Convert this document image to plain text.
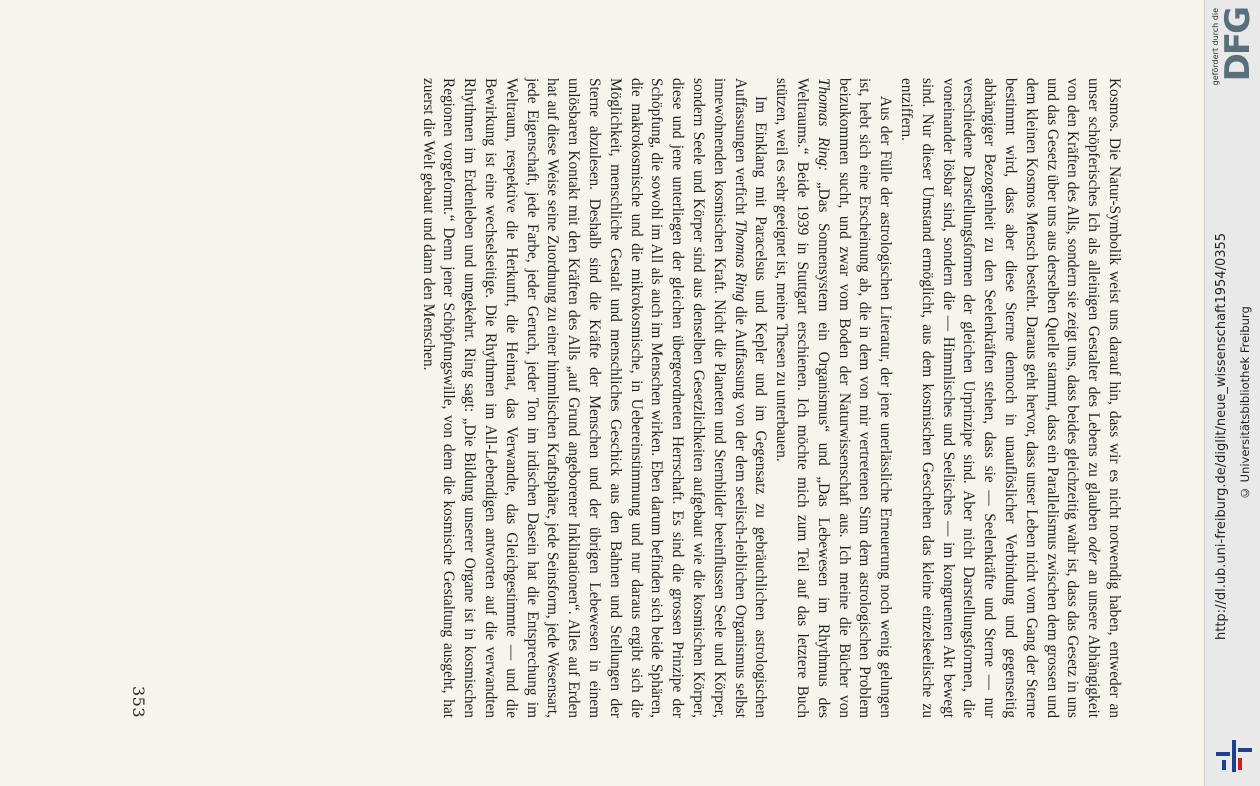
Kosmos. Die Natur-Symbolik weist uns darauf hin, dass wir es nicht notwendig haben, entweder an unser schöpferisches Ich als alleinigen Gestalter des Lebens zu glauben oder an unsere Abhängigkeit von den Kräften des Alls, sondern sie zeigt uns, dass beides gleichzeitig wahr ist, dass das Gesetz in uns und das Gesetz über uns aus derselben Quelle stammt, dass ein Parallelismus zwischen dem grossen und dem kleinen Kosmos Mensch besteht. Daraus geht hervor, dass unser Leben nicht vom Gang der Sterne bestimmt wird, dass aber diese Sterne dennoch in unauflöslicher Verbindung und gegenseitig abhängiger Bezogenheit zu den Seelenkräften stehen, dass sie — Seelenkräfte und Sterne — nur verschiedene Darstellungsformen der gleichen Urprinzipe sind. Aber nicht Darstellungsformen, die voneinander lösbar sind, sondern die — Himmlisches und Seelisches — im kongruenten Akt bewegt sind. Nur dieser Umstand ermöglicht, aus dem kosmischen Geschehen das kleine einzelseelische zu entziffern.

Aus der Fülle der astrologischen Literatur, der jene unerlässliche Erneuerung noch wenig gelungen ist, hebt sich eine Erscheinung ab, die in dem von mir vertretenen Sinn dem astrologischen Problem beizukommen sucht, und zwar vom Boden der Naturwissenschaft aus. Ich meine die Bücher von Thomas Ring: „Das Sonnensystem ein Organismus“ und „Das Lebewesen im Rhythmus des Weltraums.“ Beide 1939 in Stuttgart erschienen. Ich möchte mich zum Teil auf das letztere Buch stützen, weil es sehr geeignet ist, meine Thesen zu unterbauen.

Im Einklang mit Paracelsus und Kepler und im Gegensatz zu gebräuchlichen astrologischen Auffassungen verficht Thomas Ring die Auffassung von der dem seelisch-leiblichen Organismus selbst innewohnenden kosmischen Kraft. Nicht die Planeten und Sternbilder beeinflussen Seele und Körper, sondern Seele und Körper sind aus denselben Gesetzlichkeiten aufgebaut wie die kosmischen Körper, diese und jene unterliegen der gleichen übergeordneten Herrschaft. Es sind die grossen Prinzipe der Schöpfung, die sowohl im All als auch im Menschen wirken. Eben darum befinden sich beide Sphären, die makrokosmische und die mikrokosmische, in Uebereinstimmung und nur daraus ergibt sich die Möglichkeit, menschliche Gestalt und menschliches Geschick aus den Bahnen und Stellungen der Sterne abzulesen. Deshalb sind die Kräfte der Menschen und der übrigen Lebewesen in einem unlösbaren Kontakt mit den Kräften des Alls „auf Grund angeborener Inklinationen“. Alles auf Erden hat auf diese Weise seine Zuordnung zu einer himmlischen Kraftsphäre, jede Seinsform, jede Wesensart, jede Eigenschaft, jede Farbe, jeder Geruch, jeder Ton im irdischen Dasein hat die Entsprechung im Weltraum, respektive die Herkunft, die Heimat, das Verwandte, das Gleichgestimmte — und die Bewirkung ist eine wechselseitige. Die Rhythmen im All-Lebendigen antworten auf die verwandten Rhythmen im Erdenleben und umgekehrt. Ring sagt: „Die Bildung unserer Organe ist in kosmischen Regionen vorgeformt.“ Denn jener Schöpfungswille, von dem die kosmische Gestaltung ausgeht, hat zuerst die Welt gebaut und dann den Menschen.

353
gefördert durch die
DFG
http://dl.ub.uni-freiburg.de/diglit/neue_wissenschaft1954/0355 © Universitätsbibliothek Freiburg
